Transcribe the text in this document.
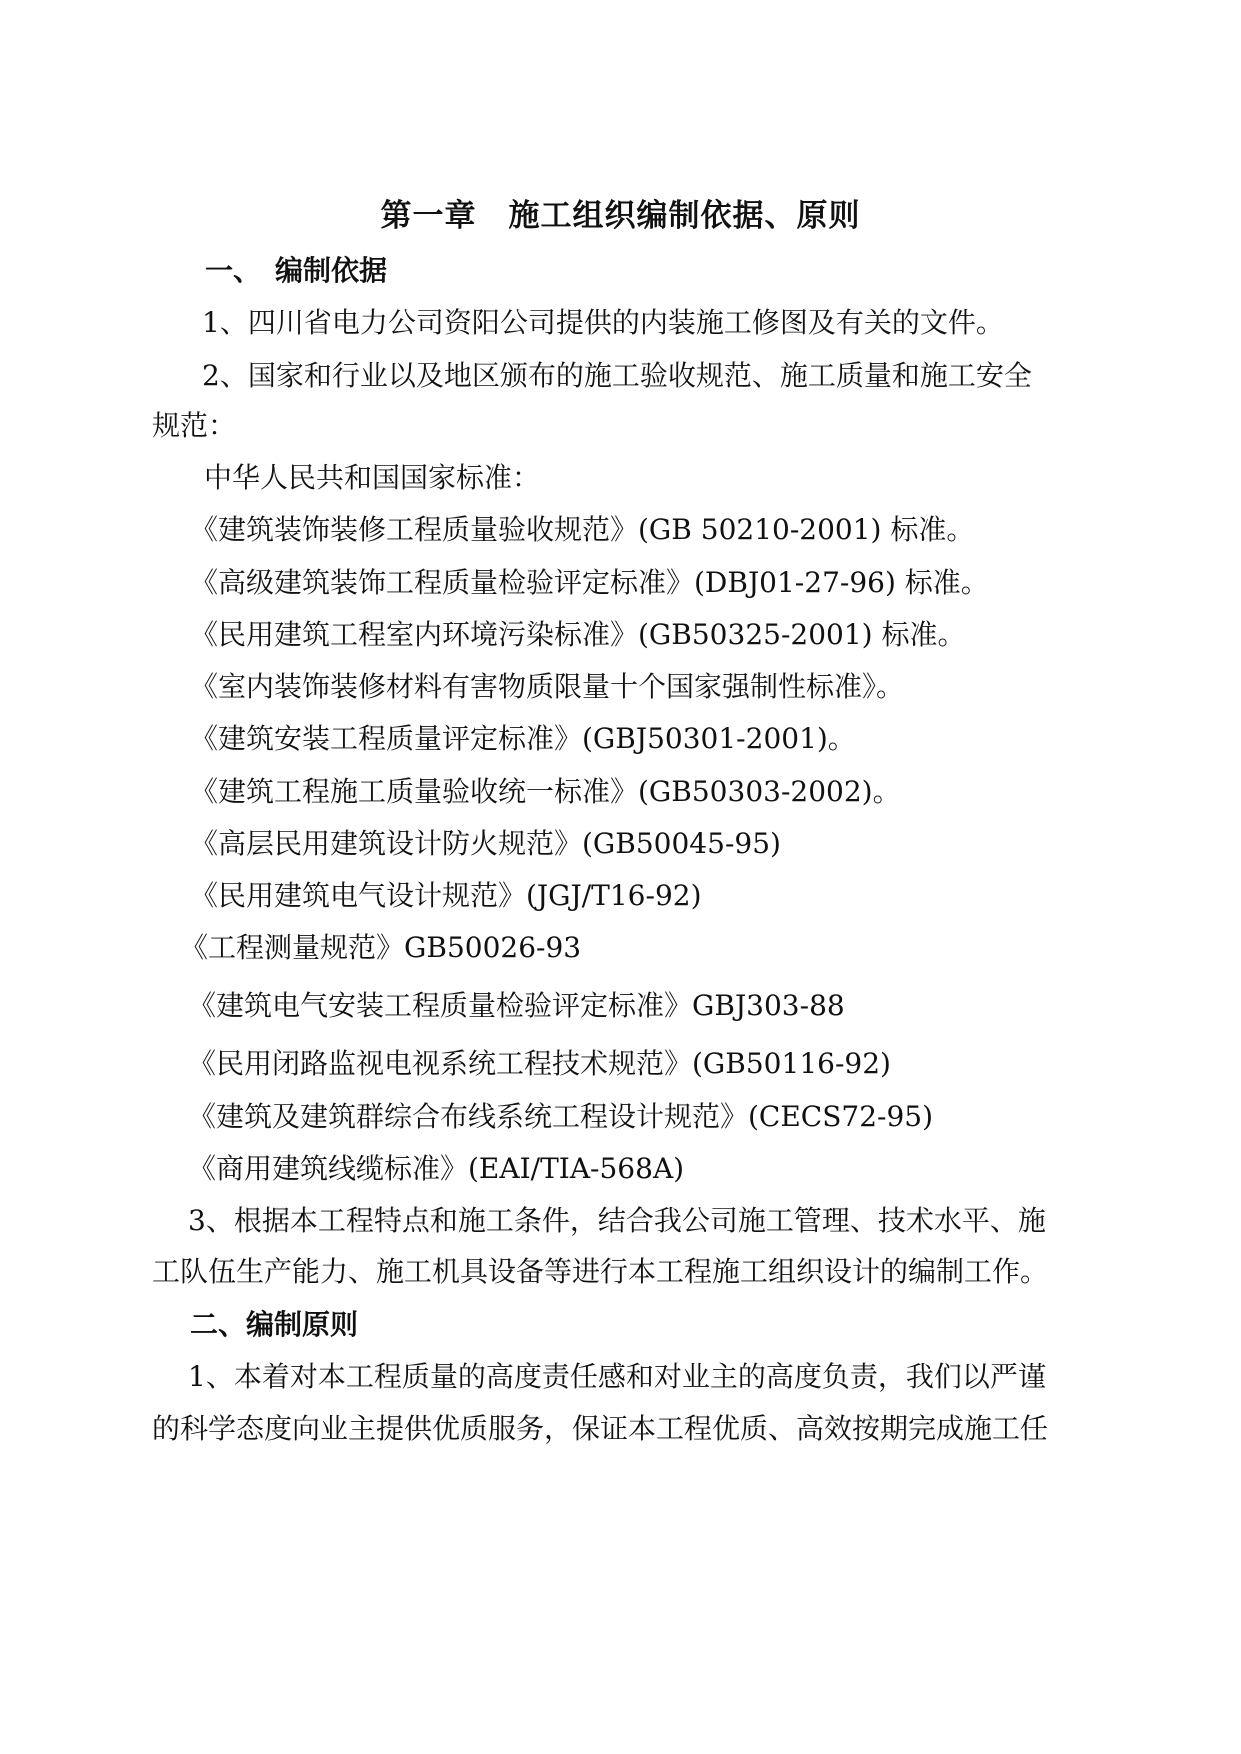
第一章　施工组织编制依据、原则
一、　编制依据
1、四川省电力公司资阳公司提供的内装施工修图及有关的文件。
2、国家和行业以及地区颁布的施工验收规范、施工质量和施工安全
规范：
中华人民共和国国家标准：
《建筑装饰装修工程质量验收规范》(GB 50210-2001) 标准。
《高级建筑装饰工程质量检验评定标准》(DBJ01-27-96) 标准。
《民用建筑工程室内环境污染标准》(GB50325-2001) 标准。
《室内装饰装修材料有害物质限量十个国家强制性标准》。
《建筑安装工程质量评定标准》(GBJ50301-2001)。
《建筑工程施工质量验收统一标准》(GB50303-2002)。
《高层民用建筑设计防火规范》(GB50045-95)
《民用建筑电气设计规范》(JGJ/T16-92)
《工程测量规范》GB50026-93
《建筑电气安装工程质量检验评定标准》GBJ303-88
《民用闭路监视电视系统工程技术规范》(GB50116-92)
《建筑及建筑群综合布线系统工程设计规范》(CECS72-95)
《商用建筑线缆标准》(EAI/TIA-568A)
3、根据本工程特点和施工条件，结合我公司施工管理、技术水平、施
工队伍生产能力、施工机具设备等进行本工程施工组织设计的编制工作。
二、编制原则
1、本着对本工程质量的高度责任感和对业主的高度负责，我们以严谨
的科学态度向业主提供优质服务，保证本工程优质、高效按期完成施工任
